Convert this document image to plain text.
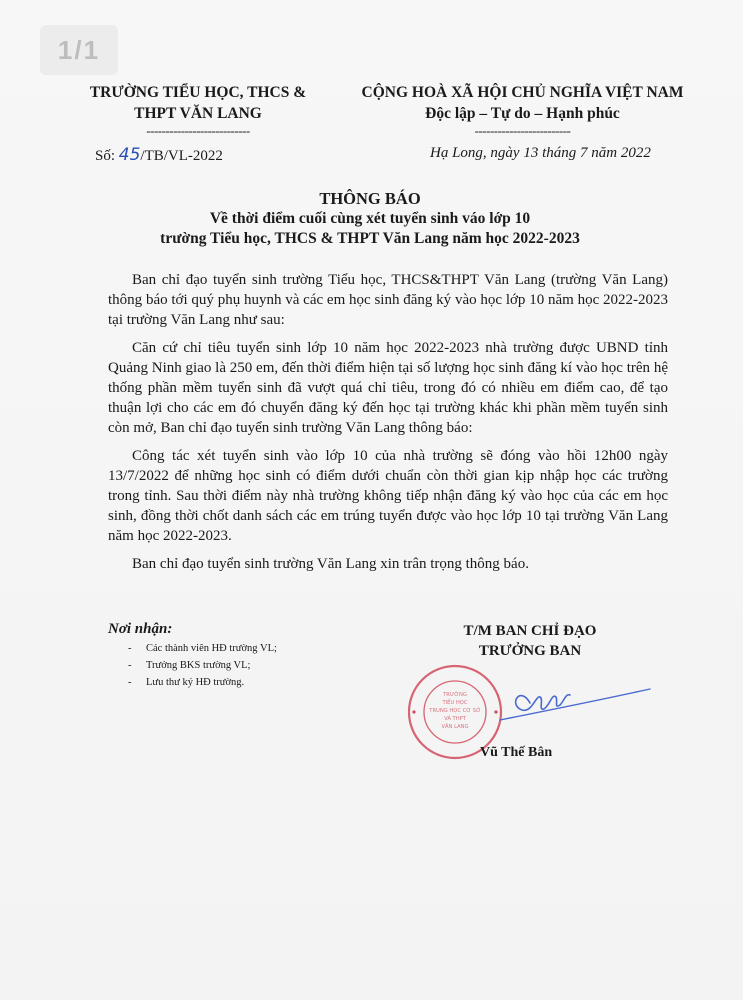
1/1
TRƯỜNG TIỂU HỌC, THCS &
THPT VĂN LANG
---------------------------
CỘNG HOÀ XÃ HỘI CHỦ NGHĨA VIỆT NAM
Độc lập – Tự do – Hạnh phúc
-------------------------
Số: 45/TB/VL-2022	Hạ Long, ngày 13 tháng 7 năm 2022
THÔNG BÁO
Về thời điểm cuối cùng xét tuyển sinh váo lớp 10
trường Tiểu học, THCS & THPT Văn Lang năm học 2022-2023

Ban chỉ đạo tuyển sinh trường Tiểu học, THCS&THPT Văn Lang (trường Văn Lang) thông báo tới quý phụ huynh và các em học sinh đăng ký vào học lớp 10 năm học 2022-2023 tại trường Văn Lang như sau:

Căn cứ chỉ tiêu tuyển sinh lớp 10 năm học 2022-2023 nhà trường được UBND tỉnh Quảng Ninh giao là 250 em, đến thời điểm hiện tại số lượng học sinh đăng kí vào học trên hệ thống phần mềm tuyển sinh đã vượt quá chỉ tiêu, trong đó có nhiều em điểm cao, để tạo thuận lợi cho các em đó chuyển đăng ký đến học tại trường khác khi phần mềm tuyển sinh còn mở, Ban chỉ đạo tuyển sinh trường Văn Lang thông báo:

Công tác xét tuyển sinh vào lớp 10 của nhà trường sẽ đóng vào hồi 12h00 ngày 13/7/2022 để những học sinh có điểm dưới chuẩn còn thời gian kịp nhập học các trường trong tỉnh. Sau thời điểm này nhà trường không tiếp nhận đăng ký vào học của các em học sinh, đồng thời chốt danh sách các em trúng tuyển được vào học lớp 10 tại trường Văn Lang năm học 2022-2023.

Ban chỉ đạo tuyển sinh trường Văn Lang xin trân trọng thông báo.

Nơi nhận:
- Các thành viên HĐ trường VL;
- Trưởng BKS trường VL;
- Lưu thư ký HĐ trường.
T/M BAN CHỈ ĐẠO
TRƯỞNG BAN
TRƯỜNG
TIỂU HỌC
TRUNG HỌC CƠ SỞ
VÀ THPT
VĂN LANG
Vũ Thế Bân
